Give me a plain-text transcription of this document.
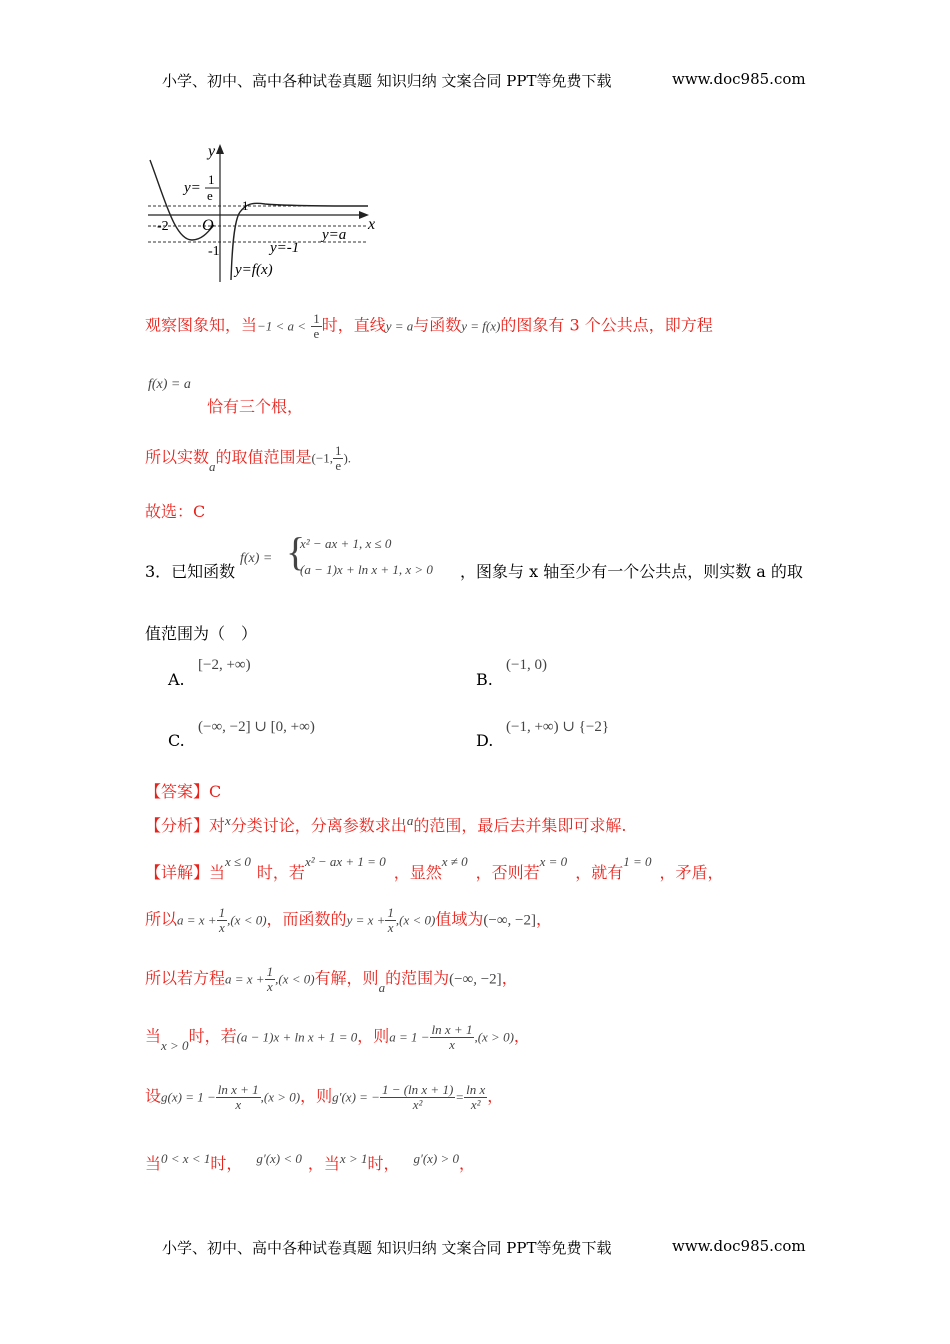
小学、初中、高中各种试卷真题 知识归纳 文案合同 PPT等免费下载	www.doc985.com
y
x
O
-2
-1
1
y=
1
e
y=a
y=-1
y=f(x)
观察图象知，当$-1 < a < \frac{1}{e}$ 时，直线y = a与函数y = f(x)的图象有 3 个公共点，即方程
f(x) = a
恰有三个根，
所以实数$_a$的取值范围是(−1, $\frac{1}{e}$ ).
故选：C
3．已知函数
f(x) = {
x² − ax + 1, x ≤ 0
(a − 1)x + ln x + 1, x > 0 ，图象与 x 轴至少有一个公共点，则实数 a 的取
值范围为（　）
A.
[−2, +∞)
B.
(−1, 0)
C.
(−∞, −2] ∪ [0, +∞)
D.
(−1, +∞) ∪ {−2}
【答案】C
【分析】对$^x$分类讨论，分离参数求出$^a$的范围，最后去并集即可求解.
【详解】当$^{x \le 0}$时，若$^{x^2 - ax + 1 = 0}$，显然$^{x \ne 0}$，否则若$^{x = 0}$，就有$^{1 = 0}$，矛盾，
所以$a = x + \frac{1}{x} ,(x < 0)$，而函数的$y = x + \frac{1}{x} ,(x < 0)$值域为(−∞, −2]，
所以若方程$a = x + \frac{1}{x} ,(x < 0)$有解，则$_a$的范围为(−∞, −2]，
当$_{x > 0}$时，若(a − 1)x + ln x + 1 = 0，则$a = 1 - \frac{\text{ln x + 1}}{x} ,(x > 0)$，
设$g(x) = 1 - \frac{\text{ln x + 1}}{x} ,(x > 0)$，则g′(x) = − $\frac{\text{1 − (ln x + 1)}}{\text{x²}} = \frac{\text{ln x}}{\text{x²}}$ ，
当$^{0 < x < 1}$时， $^{g'(x) < 0}$ ，当$^{x > 1}$时， $^{g'(x) > 0}$，
小学、初中、高中各种试卷真题 知识归纳 文案合同 PPT等免费下载	www.doc985.com
